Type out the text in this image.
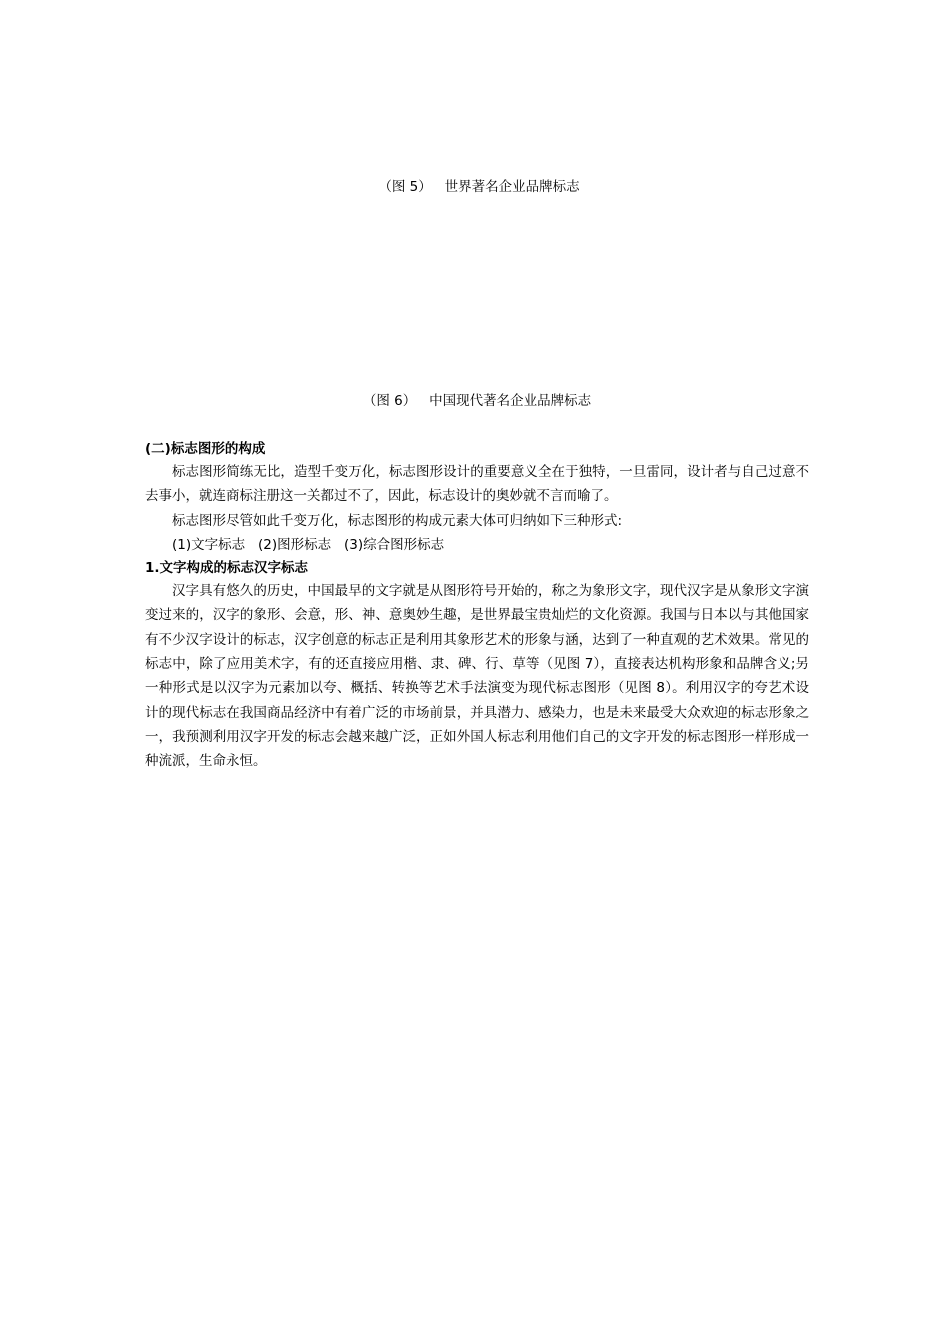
（图 5）   世界著名企业品牌标志
（图 6）   中国现代著名企业品牌标志

(二)标志图形的构成

标志图形简练无比，造型千变万化，标志图形设计的重要意义全在于独特，一旦雷同，设计者与自己过意不去事小，就连商标注册这一关都过不了，因此，标志设计的奥妙就不言而喻了。

标志图形尽管如此千变万化，标志图形的构成元素大体可归纳如下三种形式:

(1)文字标志   (2)图形标志   (3)综合图形标志

1.文字构成的标志汉字标志

汉字具有悠久的历史，中国最早的文字就是从图形符号开始的，称之为象形文字，现代汉字是从象形文字演变过来的，汉字的象形、会意，形、神、意奥妙生趣，是世界最宝贵灿烂的文化资源。我国与日本以与其他国家有不少汉字设计的标志，汉字创意的标志正是利用其象形艺术的形象与涵，达到了一种直观的艺术效果。常见的标志中，除了应用美术字，有的还直接应用楷、隶、碑、行、草等（见图 7），直接表达机构形象和品牌含义;另一种形式是以汉字为元素加以夸、概括、转换等艺术手法演变为现代标志图形（见图 8）。利用汉字的夸艺术设计的现代标志在我国商品经济中有着广泛的市场前景，并具潜力、感染力，也是未来最受大众欢迎的标志形象之一，我预测利用汉字开发的标志会越来越广泛，正如外国人标志利用他们自己的文字开发的标志图形一样形成一种流派，生命永恒。
